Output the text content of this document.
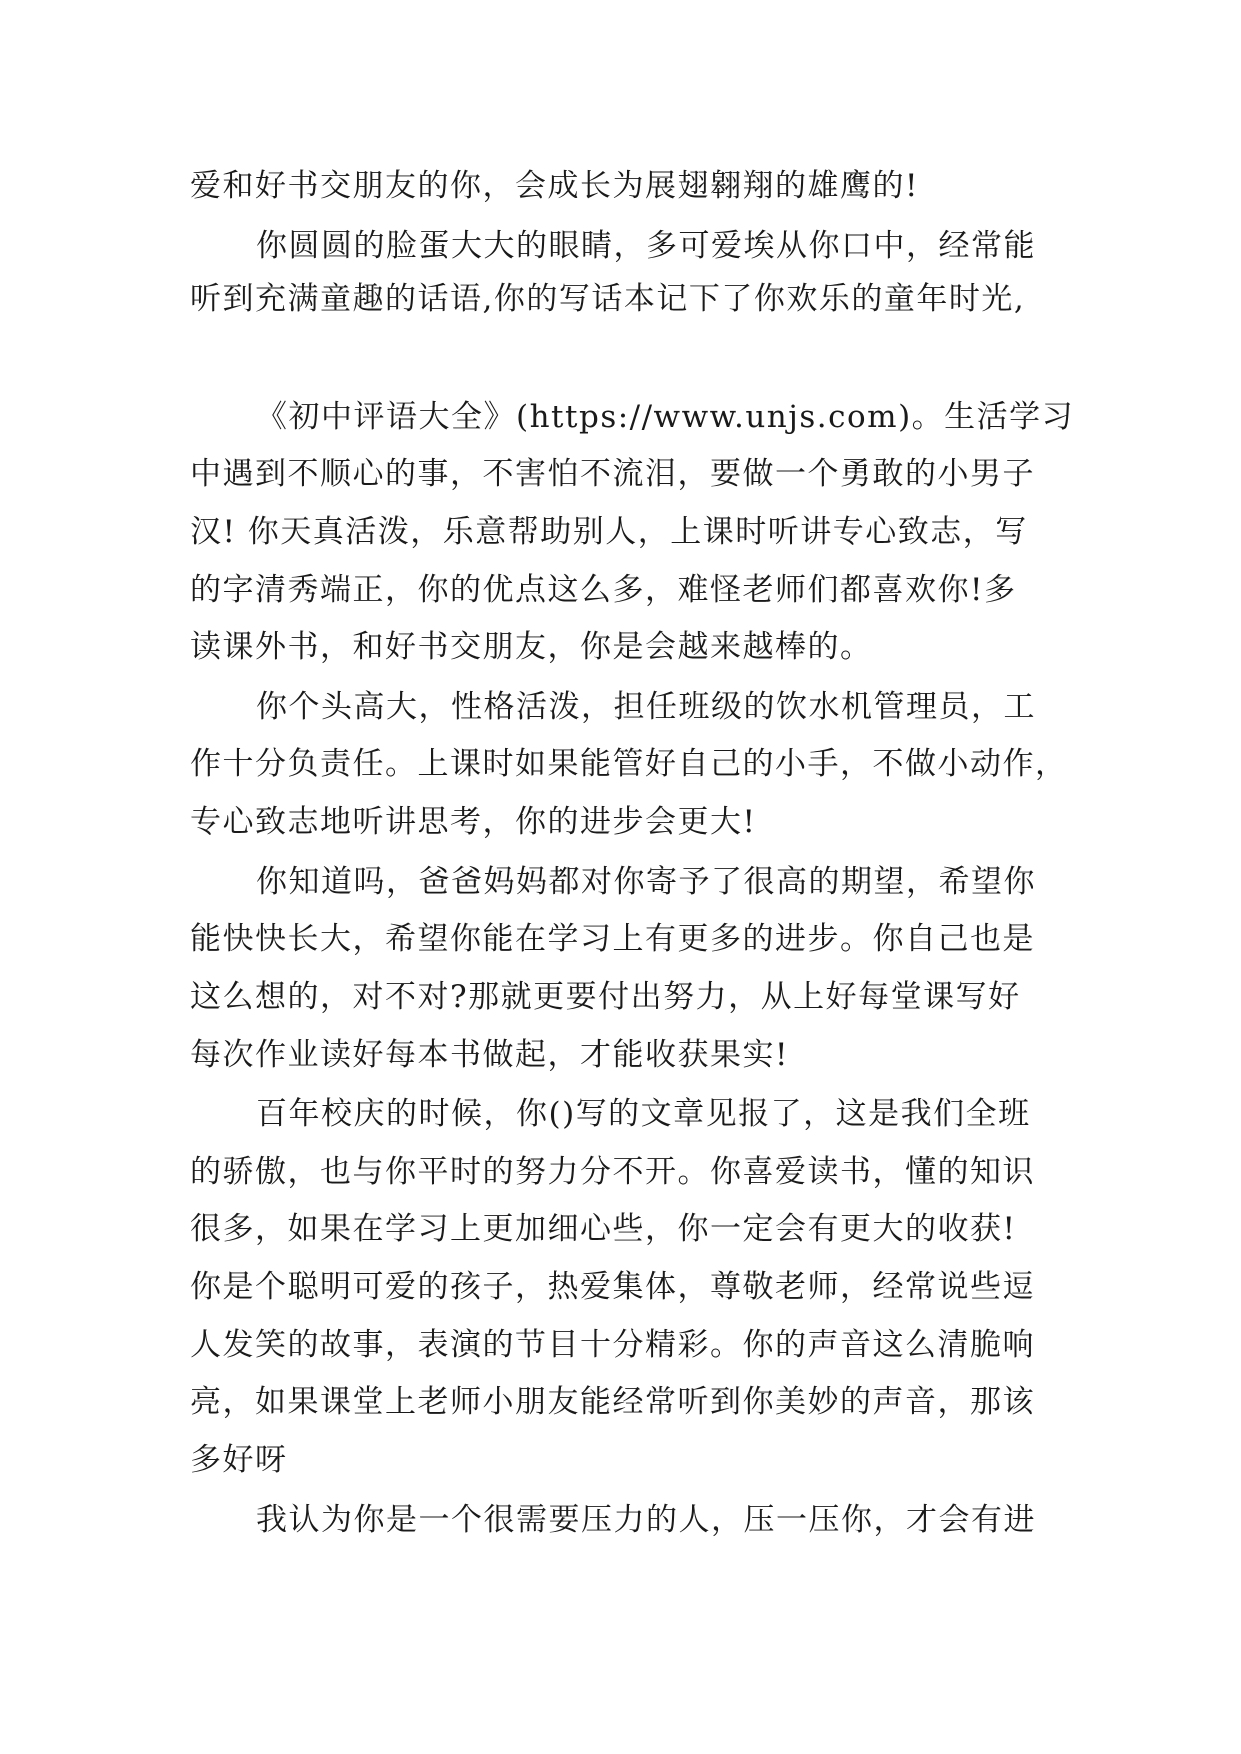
爱和好书交朋友的你，会成长为展翅翱翔的雄鹰的!
你圆圆的脸蛋大大的眼睛，多可爱埃从你口中，经常能
听到充满童趣的话语,你的写话本记下了你欢乐的童年时光,
《初中评语大全》(https://www.unjs.com)。生活学习
中遇到不顺心的事，不害怕不流泪，要做一个勇敢的小男子
汉! 你天真活泼，乐意帮助别人，上课时听讲专心致志，写
的字清秀端正，你的优点这么多，难怪老师们都喜欢你!多
读课外书，和好书交朋友，你是会越来越棒的。
你个头高大，性格活泼，担任班级的饮水机管理员，工
作十分负责任。上课时如果能管好自己的小手，不做小动作，
专心致志地听讲思考，你的进步会更大!
你知道吗，爸爸妈妈都对你寄予了很高的期望，希望你
能快快长大，希望你能在学习上有更多的进步。你自己也是
这么想的，对不对?那就更要付出努力，从上好每堂课写好
每次作业读好每本书做起，才能收获果实!
百年校庆的时候，你()写的文章见报了，这是我们全班
的骄傲，也与你平时的努力分不开。你喜爱读书，懂的知识
很多，如果在学习上更加细心些，你一定会有更大的收获!
你是个聪明可爱的孩子，热爱集体，尊敬老师，经常说些逗
人发笑的故事，表演的节目十分精彩。你的声音这么清脆响
亮，如果课堂上老师小朋友能经常听到你美妙的声音，那该
多好呀
我认为你是一个很需要压力的人，压一压你，才会有进
